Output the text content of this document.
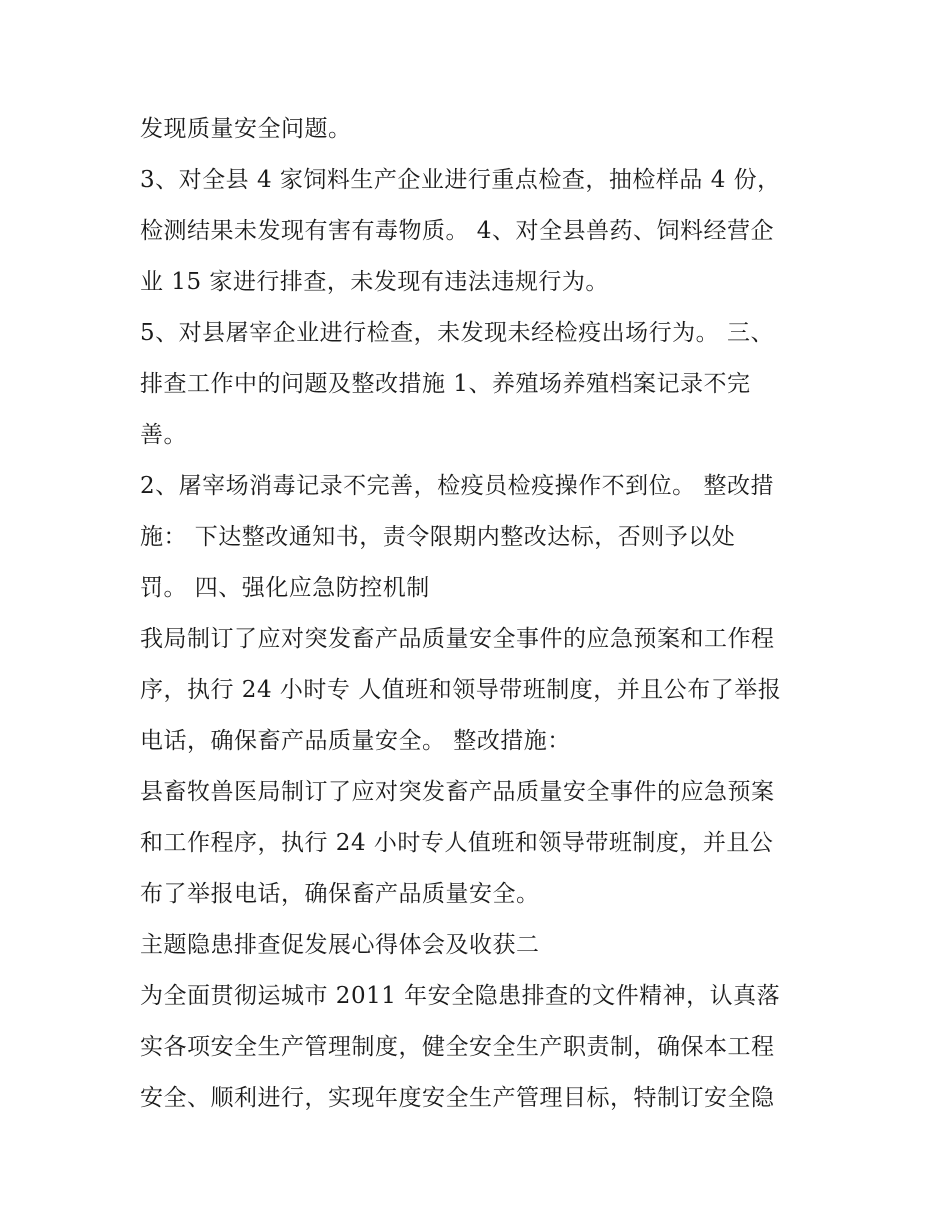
发现质量安全问题。
3、对全县 4 家饲料生产企业进行重点检查，抽检样品 4 份，
检测结果未发现有害有毒物质。 4、对全县兽药、饲料经营企
业 15 家进行排查，未发现有违法违规行为。
5、对县屠宰企业进行检查，未发现未经检疫出场行为。 三、
排查工作中的问题及整改措施 1、养殖场养殖档案记录不完
善。
2、屠宰场消毒记录不完善，检疫员检疫操作不到位。 整改措
施： 下达整改通知书，责令限期内整改达标，否则予以处
罚。 四、强化应急防控机制
我局制订了应对突发畜产品质量安全事件的应急预案和工作程
序，执行 24 小时专 人值班和领导带班制度，并且公布了举报
电话，确保畜产品质量安全。 整改措施：
县畜牧兽医局制订了应对突发畜产品质量安全事件的应急预案
和工作程序，执行 24 小时专人值班和领导带班制度，并且公
布了举报电话，确保畜产品质量安全。
主题隐患排查促发展心得体会及收获二
为全面贯彻运城市 2011 年安全隐患排查的文件精神，认真落
实各项安全生产管理制度，健全安全生产职责制，确保本工程
安全、顺利进行，实现年度安全生产管理目标，特制订安全隐
